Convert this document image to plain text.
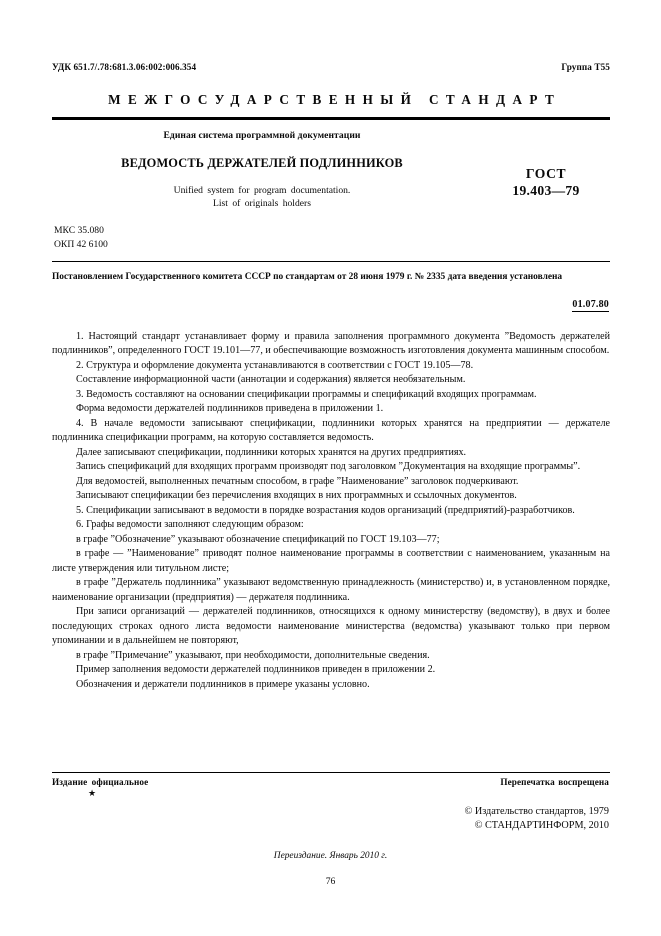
УДК 651.7/.78:681.3.06:002:006.354	Группа Т55
МЕЖГОСУДАРСТВЕННЫЙ СТАНДАРТ

Единая система программной документации

ВЕДОМОСТЬ ДЕРЖАТЕЛЕЙ ПОДЛИННИКОВ

Unified system for program documentation.
List of originals holders

ГОСТ
19.403—79
МКС 35.080
ОКП 42 6100
Постановлением Государственного комитета СССР по стандартам от 28 июня 1979 г. № 2335 дата введения установлена
01.07.80

1. Настоящий стандарт устанавливает форму и правила заполнения программного документа ”Ведомость держателей подлинников”, определенного ГОСТ 19.101—77, и обеспечивающие возможность изготовления документа машинным способом.

2. Структура и оформление документа устанавливаются в соответствии с ГОСТ 19.105—78.

Составление информационной части (аннотации и содержания) является необязательным.

3. Ведомость составляют на основании спецификации программы и спецификаций входящих программам.

Форма ведомости держателей подлинников приведена в приложении 1.

4. В начале ведомости записывают спецификации, подлинники которых хранятся на предприятии — держателе подлинника спецификации программ, на которую составляется ведомость.

Далее записывают спецификации, подлинники которых хранятся на других предприятиях.

Запись спецификаций для входящих программ производят под заголовком ”Документация на входящие программы”.

Для ведомостей, выполненных печатным способом, в графе ”Наименование” заголовок подчеркивают.

Записывают спецификации без перечисления входящих в них программных и ссылочных документов.

5. Спецификации записывают в ведомости в порядке возрастания кодов организаций (предприятий)-разработчиков.

6. Графы ведомости заполняют следующим образом:

в графе ”Обозначение” указывают обозначение спецификаций по ГОСТ 19.103—77;

в графе — ”Наименование” приводят полное наименование программы в соответствии с наименованием, указанным на листе утверждения или титульном листе;

в графе ”Держатель подлинника” указывают ведомственную принадлежность (министерство) и, в установленном порядке, наименование организации (предприятия) — держателя подлинника.

При записи организаций — держателей подлинников, относящихся к одному министерству (ведомству), в двух и более последующих строках одного листа ведомости наименование министерства (ведомства) указывают только при первом упоминании и в дальнейшем не повторяют,

в графе ”Примечание” указывают, при необходимости, дополнительные сведения.

Пример заполнения ведомости держателей подлинников приведен в приложении 2.

Обозначения и держатели подлинников в примере указаны условно.

Издание официальное
★
Перепечатка воспрещена
© Издательство стандартов, 1979
© СТАНДАРТИНФОРМ, 2010
Переиздание. Январь 2010 г.
76
